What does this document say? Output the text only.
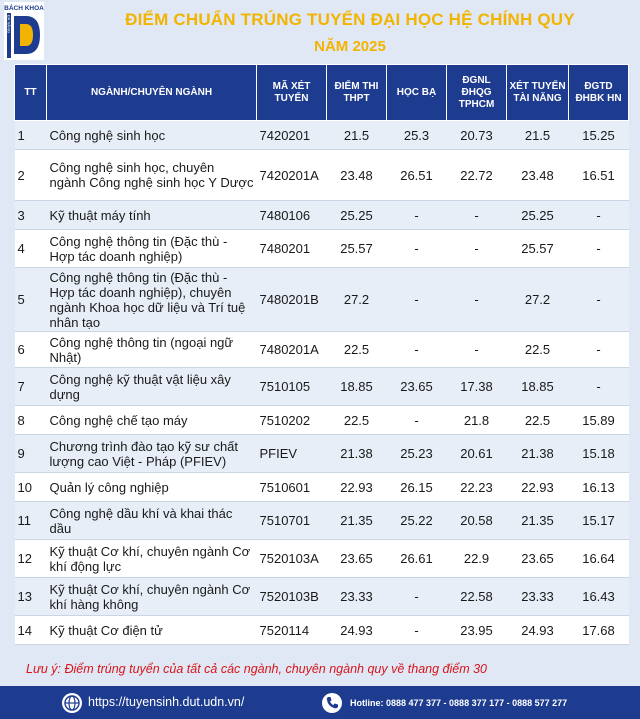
BÁCH KHOA
ĐÀ NẴNG	ĐIỂM CHUẨN TRÚNG TUYỂN ĐẠI HỌC HỆ CHÍNH QUY
NĂM 2025
TT	NGÀNH/CHUYÊN NGÀNH	MÃ XÉT TUYỂN	ĐIỂM THI THPT	HỌC BẠ	ĐGNL ĐHQG TPHCM	XÉT TUYỂN TÀI NĂNG	ĐGTD ĐHBK HN
1	Công nghệ sinh học	7420201	21.5	25.3	20.73	21.5	15.25
2	Công nghệ sinh học, chuyên ngành Công nghệ sinh học Y Dược	7420201A	23.48	26.51	22.72	23.48	16.51
3	Kỹ thuật máy tính	7480106	25.25	-	-	25.25	-
4	Công nghệ thông tin (Đặc thù - Hợp tác doanh nghiệp)	7480201	25.57	-	-	25.57	-
5	Công nghệ thông tin (Đặc thù - Hợp tác doanh nghiệp), chuyên ngành Khoa học dữ liệu và Trí tuệ nhân tạo	7480201B	27.2	-	-	27.2	-
6	Công nghệ thông tin (ngoại ngữ Nhật)	7480201A	22.5	-	-	22.5	-
7	Công nghệ kỹ thuật vật liệu xây dựng	7510105	18.85	23.65	17.38	18.85	-
8	Công nghệ chế tạo máy	7510202	22.5	-	21.8	22.5	15.89
9	Chương trình đào tạo kỹ sư chất lượng cao Việt - Pháp (PFIEV)	PFIEV	21.38	25.23	20.61	21.38	15.18
10	Quản lý công nghiệp	7510601	22.93	26.15	22.23	22.93	16.13
11	Công nghệ dầu khí và khai thác dầu	7510701	21.35	25.22	20.58	21.35	15.17
12	Kỹ thuật Cơ khí, chuyên ngành Cơ khí động lực	7520103A	23.65	26.61	22.9	23.65	16.64
13	Kỹ thuật Cơ khí, chuyên ngành Cơ khí hàng không	7520103B	23.33	-	22.58	23.33	16.43
14	Kỹ thuật Cơ điện tử	7520114	24.93	-	23.95	24.93	17.68
Lưu ý: Điểm trúng tuyển của tất cả các ngành, chuyên ngành quy về thang điểm 30
https://tuyensinh.dut.udn.vn/	Hotline: 0888 477 377 - 0888 377 177 - 0888 577 277
